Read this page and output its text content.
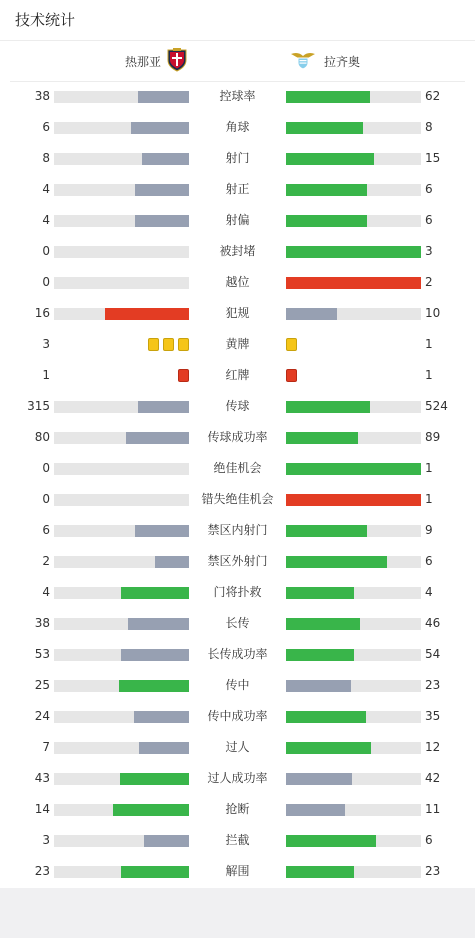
技术统计
热那亚	拉齐奥
38	控球率	62
6	角球	8
8	射门	15
4	射正	6
4	射偏	6
0	被封堵	3
0	越位	2
16	犯规	10
3	黄牌	1
1	红牌	1
315	传球	524
80	传球成功率	89
0	绝佳机会	1
0	错失绝佳机会	1
6	禁区内射门	9
2	禁区外射门	6
4	门将扑救	4
38	长传	46
53	长传成功率	54
25	传中	23
24	传中成功率	35
7	过人	12
43	过人成功率	42
14	抢断	11
3	拦截	6
23	解围	23
